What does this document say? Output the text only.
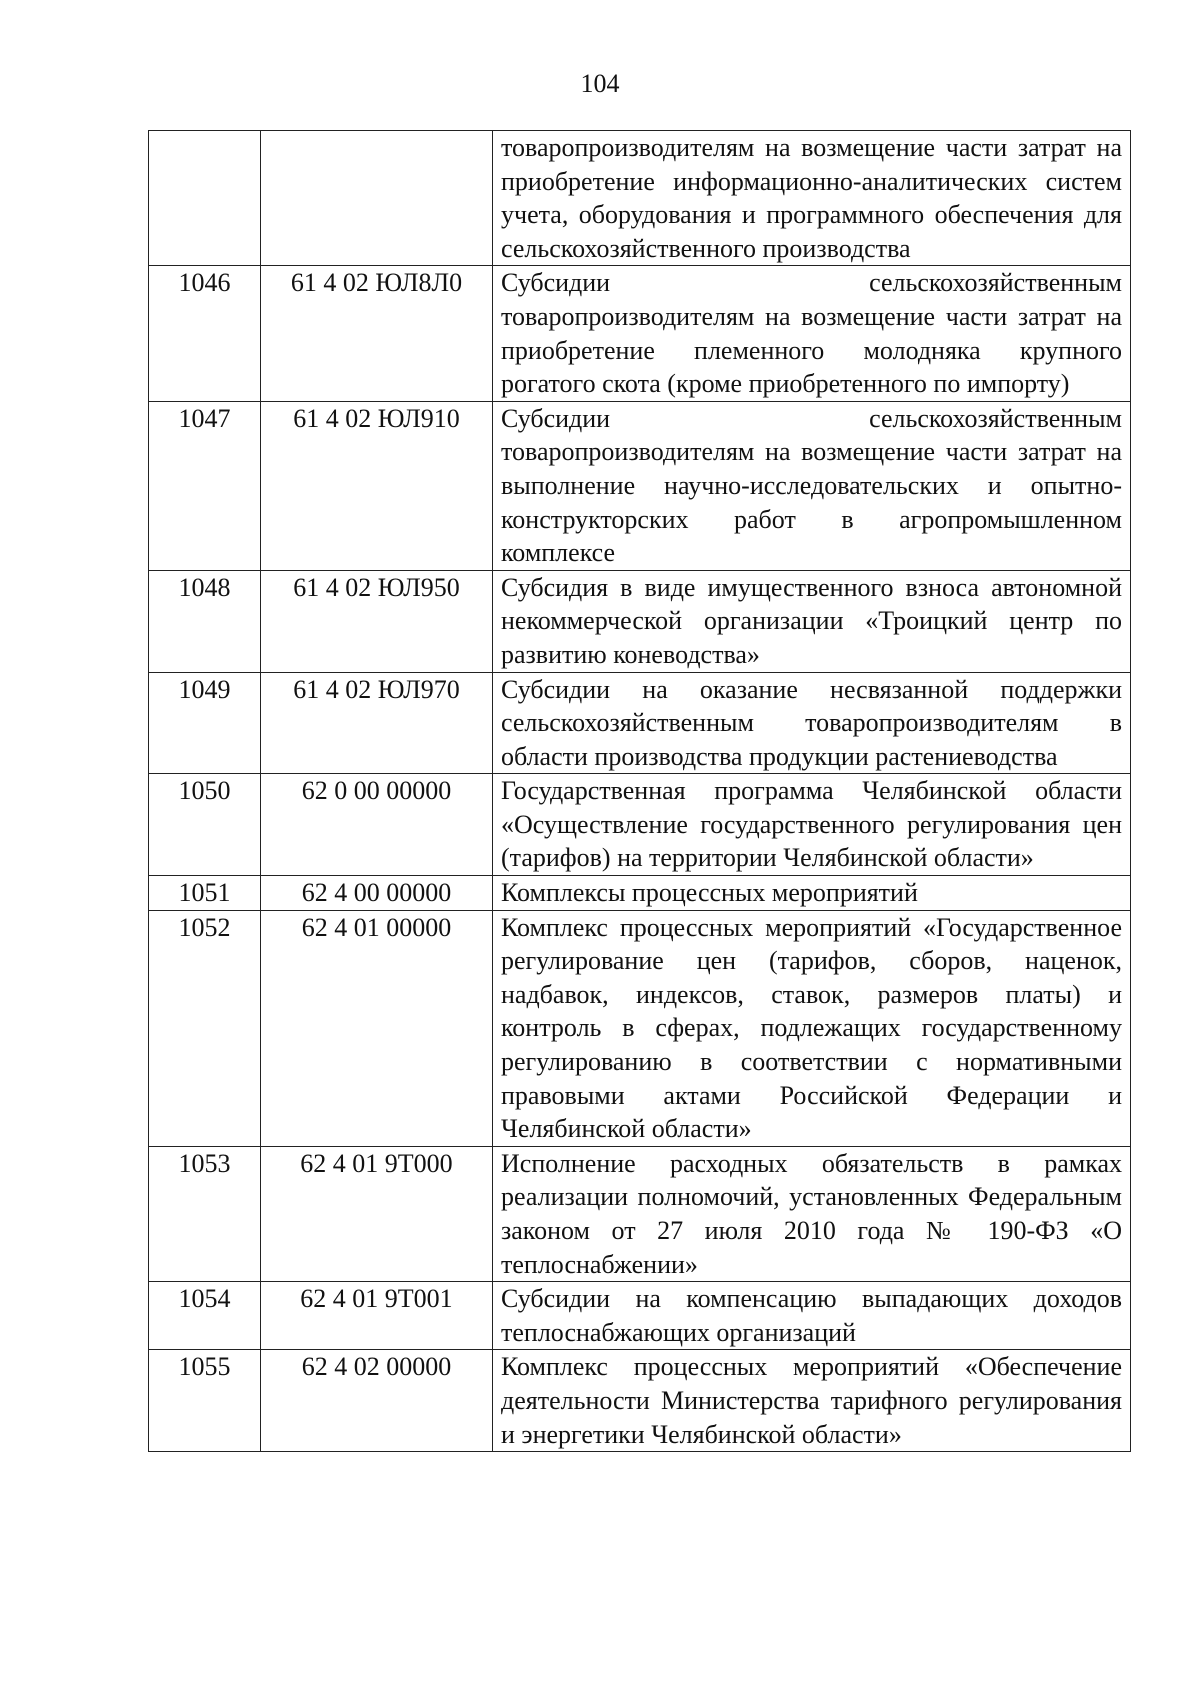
104
		товаропроизводителям на возмещение части затрат на приобретение информационно-аналитических систем учета, оборудования и программного обеспечения для сельскохозяйственного производства
1046	61 4 02 ЮЛ8Л0	Субсидии сельскохозяйственным товаропроизводителям на возмещение части затрат на приобретение племенного молодняка крупного рогатого скота (кроме приобретенного по импорту)
1047	61 4 02 ЮЛ910	Субсидии сельскохозяйственным товаропроизводителям на возмещение части затрат на выполнение научно-исследовательских и опытно-конструкторских работ в агропромышленном комплексе
1048	61 4 02 ЮЛ950	Субсидия в виде имущественного взноса автономной некоммерческой организации «Троицкий центр по развитию коневодства»
1049	61 4 02 ЮЛ970	Субсидии на оказание несвязанной поддержки сельскохозяйственным товаропроизводителям в области производства продукции растениеводства
1050	62 0 00 00000	Государственная программа Челябинской области «Осуществление государственного регулирования цен (тарифов) на территории Челябинской области»
1051	62 4 00 00000	Комплексы процессных мероприятий
1052	62 4 01 00000	Комплекс процессных мероприятий «Государственное регулирование цен (тарифов, сборов, наценок, надбавок, индексов, ставок, размеров платы) и контроль в сферах, подлежащих государственному регулированию в соответствии с нормативными правовыми актами Российской Федерации и Челябинской области»
1053	62 4 01 9Т000	Исполнение расходных обязательств в рамках реализации полномочий, установленных Федеральным законом от 27 июля 2010 года № 190-ФЗ «О теплоснабжении»
1054	62 4 01 9Т001	Субсидии на компенсацию выпадающих доходов теплоснабжающих организаций
1055	62 4 02 00000	Комплекс процессных мероприятий «Обеспечение деятельности Министерства тарифного регулирования и энергетики Челябинской области»
